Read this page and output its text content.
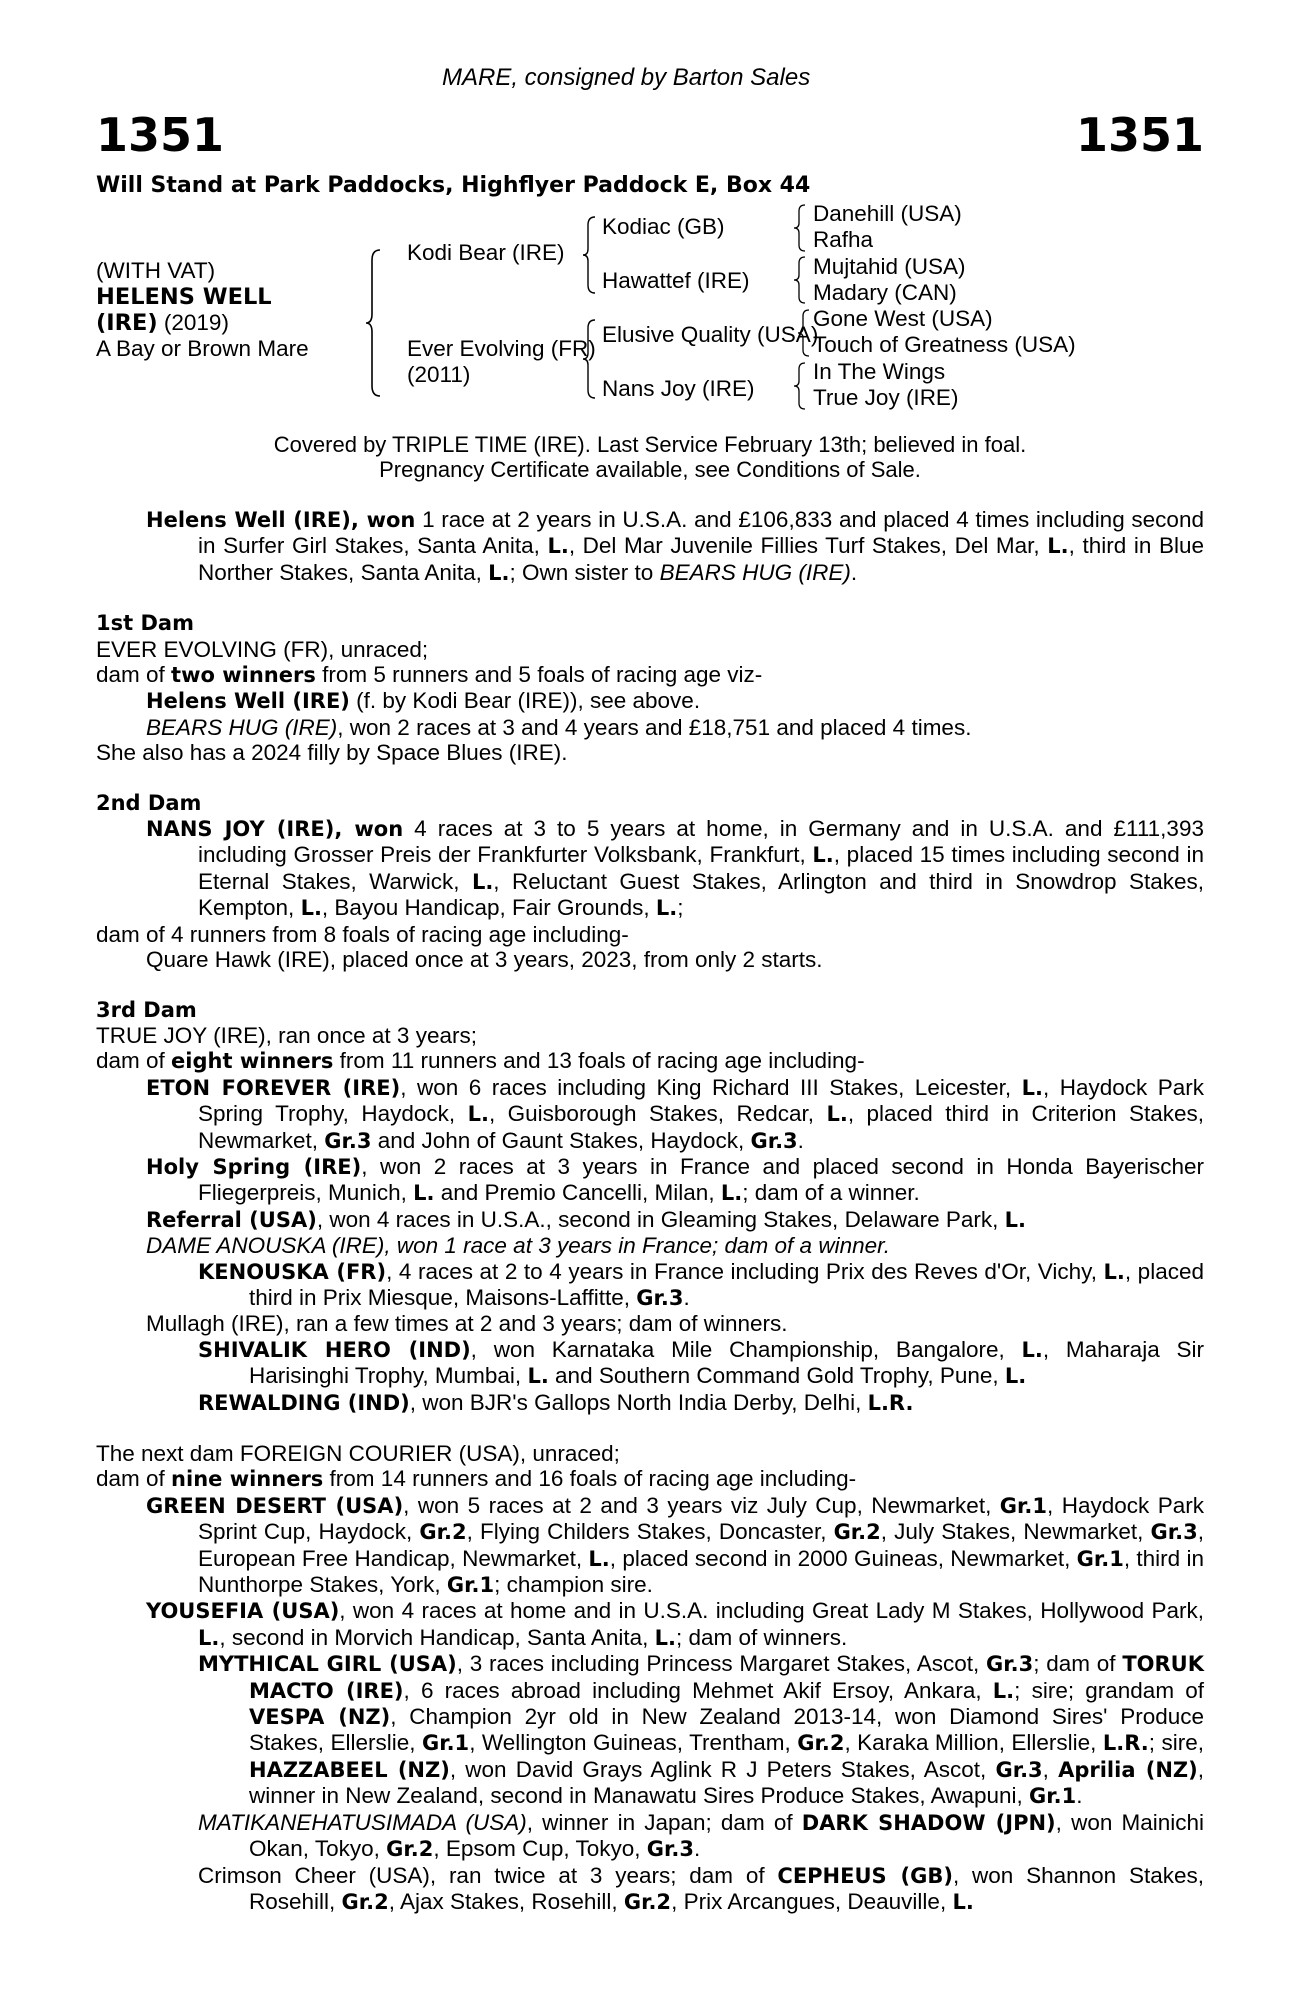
MARE, consigned by Barton Sales
1351	1351
Will Stand at Park Paddocks, Highflyer Paddock E, Box 44
(WITH VAT)
HELENS WELL
(IRE) (2019)
A Bay or Brown Mare
Kodi Bear (IRE)
Ever Evolving (FR)
(2011)
Kodiac (GB)
Hawattef (IRE)
Elusive Quality (USA)
Nans Joy (IRE)
Danehill (USA)
Rafha
Mujtahid (USA)
Madary (CAN)
Gone West (USA)
Touch of Greatness (USA)
In The Wings
True Joy (IRE)
Covered by TRIPLE TIME (IRE). Last Service February 13th; believed in foal.
Pregnancy Certificate available, see Conditions of Sale.

Helens Well (IRE), won 1 race at 2 years in U.S.A. and £106,833 and placed 4 times including second in Surfer Girl Stakes, Santa Anita, L., Del Mar Juvenile Fillies Turf Stakes, Del Mar, L., third in Blue Norther Stakes, Santa Anita, L.; Own sister to BEARS HUG (IRE).

1st Dam

EVER EVOLVING (FR), unraced;

dam of two winners from 5 runners and 5 foals of racing age viz-

Helens Well (IRE) (f. by Kodi Bear (IRE)), see above.

BEARS HUG (IRE), won 2 races at 3 and 4 years and £18,751 and placed 4 times.

She also has a 2024 filly by Space Blues (IRE).

2nd Dam

NANS JOY (IRE), won 4 races at 3 to 5 years at home, in Germany and in U.S.A. and £111,393 including Grosser Preis der Frankfurter Volksbank, Frankfurt, L., placed 15 times including second in Eternal Stakes, Warwick, L., Reluctant Guest Stakes, Arlington and third in Snowdrop Stakes, Kempton, L., Bayou Handicap, Fair Grounds, L.;

dam of 4 runners from 8 foals of racing age including-

Quare Hawk (IRE), placed once at 3 years, 2023, from only 2 starts.

3rd Dam

TRUE JOY (IRE), ran once at 3 years;

dam of eight winners from 11 runners and 13 foals of racing age including-

ETON FOREVER (IRE), won 6 races including King Richard III Stakes, Leicester, L., Haydock Park Spring Trophy, Haydock, L., Guisborough Stakes, Redcar, L., placed third in Criterion Stakes, Newmarket, Gr.3 and John of Gaunt Stakes, Haydock, Gr.3.

Holy Spring (IRE), won 2 races at 3 years in France and placed second in Honda Bayerischer Fliegerpreis, Munich, L. and Premio Cancelli, Milan, L.; dam of a winner.

Referral (USA), won 4 races in U.S.A., second in Gleaming Stakes, Delaware Park, L.

DAME ANOUSKA (IRE), won 1 race at 3 years in France; dam of a winner.

KENOUSKA (FR), 4 races at 2 to 4 years in France including Prix des Reves d'Or, Vichy, L., placed third in Prix Miesque, Maisons-Laffitte, Gr.3.

Mullagh (IRE), ran a few times at 2 and 3 years; dam of winners.

SHIVALIK HERO (IND), won Karnataka Mile Championship, Bangalore, L., Maharaja Sir Harisinghi Trophy, Mumbai, L. and Southern Command Gold Trophy, Pune, L.

REWALDING (IND), won BJR's Gallops North India Derby, Delhi, L.R.

The next dam FOREIGN COURIER (USA), unraced;

dam of nine winners from 14 runners and 16 foals of racing age including-

GREEN DESERT (USA), won 5 races at 2 and 3 years viz July Cup, Newmarket, Gr.1, Haydock Park Sprint Cup, Haydock, Gr.2, Flying Childers Stakes, Doncaster, Gr.2, July Stakes, Newmarket, Gr.3, European Free Handicap, Newmarket, L., placed second in 2000 Guineas, Newmarket, Gr.1, third in Nunthorpe Stakes, York, Gr.1; champion sire.

YOUSEFIA (USA), won 4 races at home and in U.S.A. including Great Lady M Stakes, Hollywood Park, L., second in Morvich Handicap, Santa Anita, L.; dam of winners.

MYTHICAL GIRL (USA), 3 races including Princess Margaret Stakes, Ascot, Gr.3; dam of TORUK MACTO (IRE), 6 races abroad including Mehmet Akif Ersoy, Ankara, L.; sire; grandam of VESPA (NZ), Champion 2yr old in New Zealand 2013-14, won Diamond Sires' Produce Stakes, Ellerslie, Gr.1, Wellington Guineas, Trentham, Gr.2, Karaka Million, Ellerslie, L.R.; sire, HAZZABEEL (NZ), won David Grays Aglink R J Peters Stakes, Ascot, Gr.3, Aprilia (NZ), winner in New Zealand, second in Manawatu Sires Produce Stakes, Awapuni, Gr.1.

MATIKANEHATUSIMADA (USA), winner in Japan; dam of DARK SHADOW (JPN), won Mainichi Okan, Tokyo, Gr.2, Epsom Cup, Tokyo, Gr.3.

Crimson Cheer (USA), ran twice at 3 years; dam of CEPHEUS (GB), won Shannon Stakes, Rosehill, Gr.2, Ajax Stakes, Rosehill, Gr.2, Prix Arcangues, Deauville, L.
